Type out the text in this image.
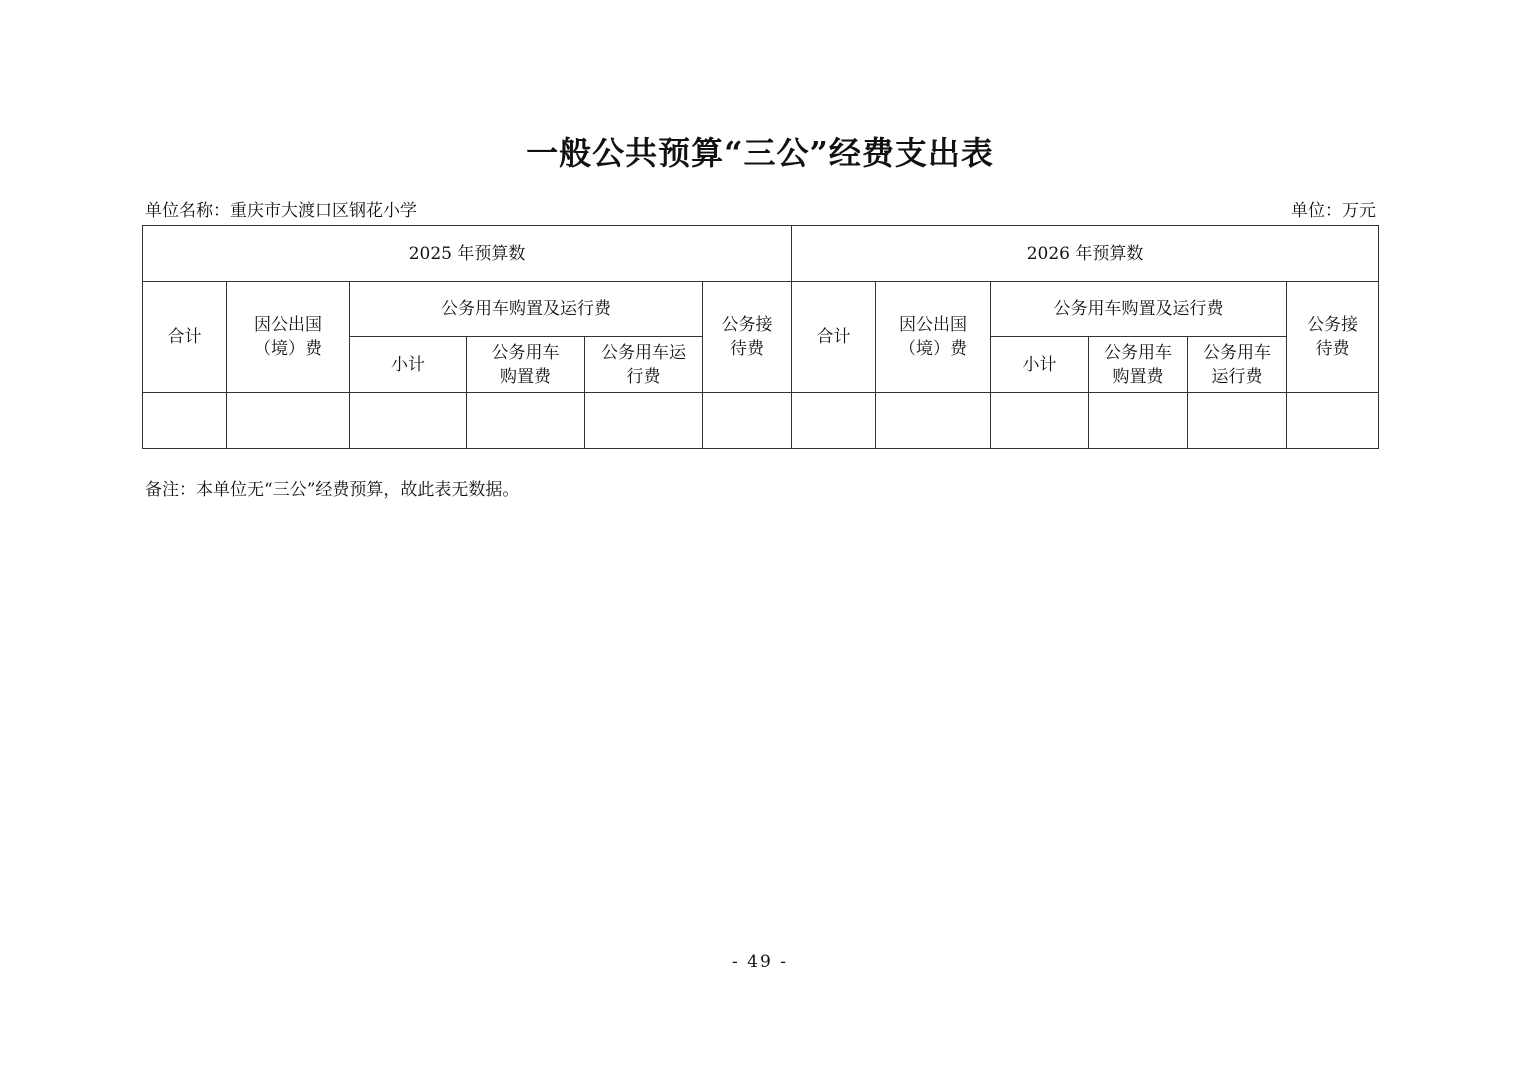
一般公共预算“三公”经费支出表
单位名称：重庆市大渡口区钢花小学	单位：万元
2025 年预算数						2026 年预算数					
合计	因公出国（境）费	公务用车购置及运行费			公务接待费	合计	因公出国（境）费	公务用车购置及运行费			公务接待费
		小计	公务用车购置费	公务用车运行费				小计	公务用车购置费	公务用车运行费	

备注：本单位无“三公”经费预算，故此表无数据。
- 49 -
